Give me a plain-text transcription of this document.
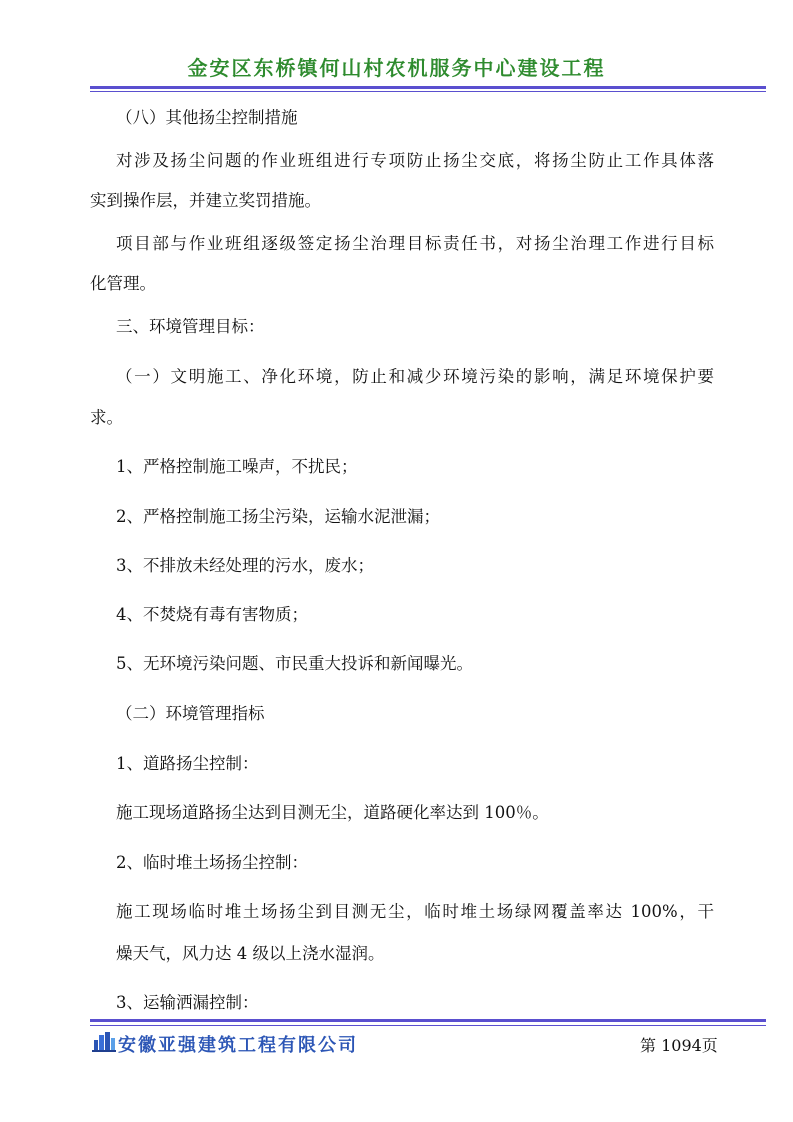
金安区东桥镇何山村农机服务中心建设工程
（八）其他扬尘控制措施
对涉及扬尘问题的作业班组进行专项防止扬尘交底，将扬尘防止工作具体落
实到操作层，并建立奖罚措施。
项目部与作业班组逐级签定扬尘治理目标责任书，对扬尘治理工作进行目标
化管理。
三、环境管理目标：
（一）文明施工、净化环境，防止和减少环境污染的影响，满足环境保护要
求。
1、严格控制施工噪声，不扰民；
2、严格控制施工扬尘污染，运输水泥泄漏；
3、不排放未经处理的污水，废水；
4、不焚烧有毒有害物质；
5、无环境污染问题、市民重大投诉和新闻曝光。
（二）环境管理指标
1、道路扬尘控制：
施工现场道路扬尘达到目测无尘，道路硬化率达到 100％。
2、临时堆土场扬尘控制：
施工现场临时堆土场扬尘到目测无尘，临时堆土场绿网覆盖率达 100%，干
燥天气，风力达 4 级以上浇水湿润。
3、运输洒漏控制：
安徽亚强建筑工程有限公司	第 1094页
